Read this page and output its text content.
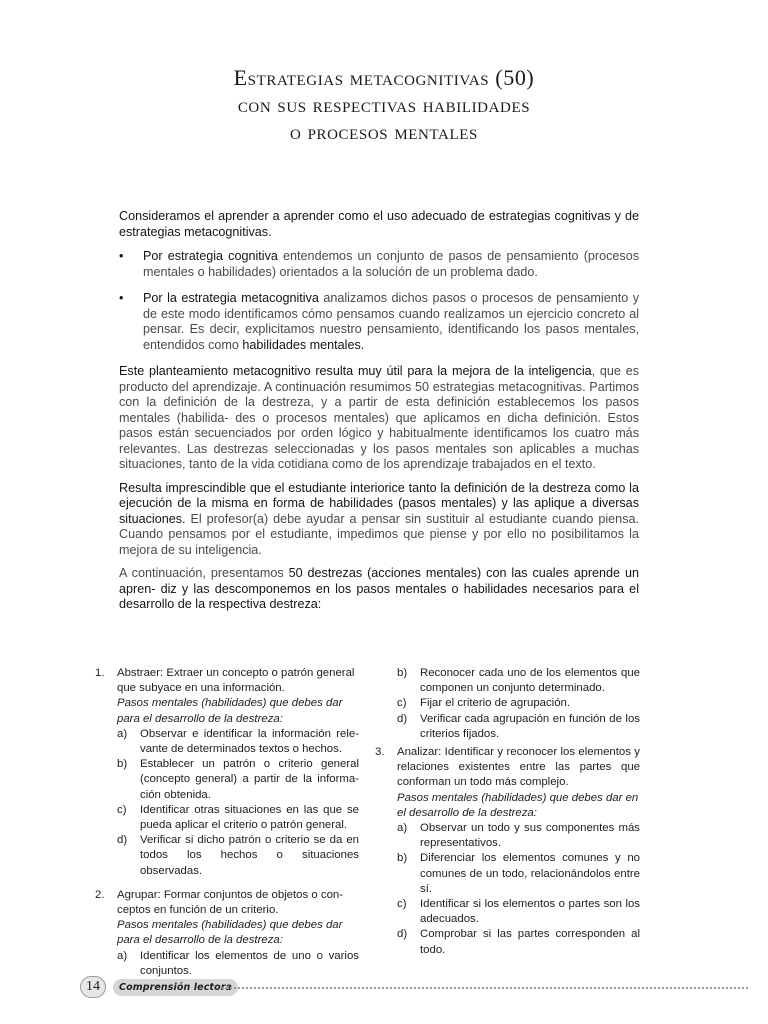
Estrategias metacognitivas (50)
con sus respectivas habilidades
o procesos mentales

Consideramos el aprender a aprender como el uso adecuado de estrategias cognitivas y de estrategias metacognitivas.

• Por estrategia cognitiva entendemos un conjunto de pasos de pensamiento (procesos mentales o habilidades) orientados a la solución de un problema dado.
• Por la estrategia metacognitiva analizamos dichos pasos o procesos de pensamiento y de este modo identificamos cómo pensamos cuando realizamos un ejercicio concreto al pensar. Es decir, explicitamos nuestro pensamiento, identificando los pasos mentales, entendidos como habilidades mentales.

Este planteamiento metacognitivo resulta muy útil para la mejora de la inteligencia, que es producto del aprendizaje. A continuación resumimos 50 estrategias metacognitivas. Partimos con la definición de la destreza, y a partir de esta definición establecemos los pasos mentales (habilida- des o procesos mentales) que aplicamos en dicha definición. Estos pasos están secuenciados por orden lógico y habitualmente identificamos los cuatro más relevantes. Las destrezas seleccionadas y los pasos mentales son aplicables a muchas situaciones, tanto de la vida cotidiana como de los aprendizaje trabajados en el texto.

Resulta imprescindible que el estudiante interiorice tanto la definición de la destreza como la ejecución de la misma en forma de habilidades (pasos mentales) y las aplique a diversas situaciones. El profesor(a) debe ayudar a pensar sin sustituir al estudiante cuando piensa. Cuando pensamos por el estudiante, impedimos que piense y por ello no posibilitamos la mejora de su inteligencia.

A continuación, presentamos 50 destrezas (acciones mentales) con las cuales aprende un apren- diz y las descomponemos en los pasos mentales o habilidades necesarios para el desarrollo de la respectiva destreza:

1. Abstraer: Extraer un concepto o patrón general que subyace en una información.
Pasos mentales (habilidades) que debes dar para el desarrollo de la destreza:
a) Observar e identificar la información rele- vante de determinados textos o hechos.
b) Establecer un patrón o criterio general (concepto general) a partir de la informa- ción obtenida.
c) Identificar otras situaciones en las que se pueda aplicar el criterio o patrón general.
d) Verificar si dicho patrón o criterio se da en todos los hechos o situaciones observadas.
2. Agrupar: Formar conjuntos de objetos o con- ceptos en función de un criterio.
Pasos mentales (habilidades) que debes dar para el desarrollo de la destreza:
a) Identificar los elementos de uno o varios conjuntos.
b) Reconocer cada uno de los elementos que componen un conjunto determinado.
c) Fijar el criterio de agrupación.
d) Verificar cada agrupación en función de los criterios fijados.
3. Analizar: Identificar y reconocer los elementos y relaciones existentes entre las partes que conforman un todo más complejo.
Pasos mentales (habilidades) que debes dar en el desarrollo de la destreza:
a) Observar un todo y sus componentes más representativos.
b) Diferenciar los elementos comunes y no comunes de un todo, relacionándolos entre sí.
c) Identificar si los elementos o partes son los adecuados.
d) Comprobar si las partes corresponden al todo.
14	Comprensión lectora
